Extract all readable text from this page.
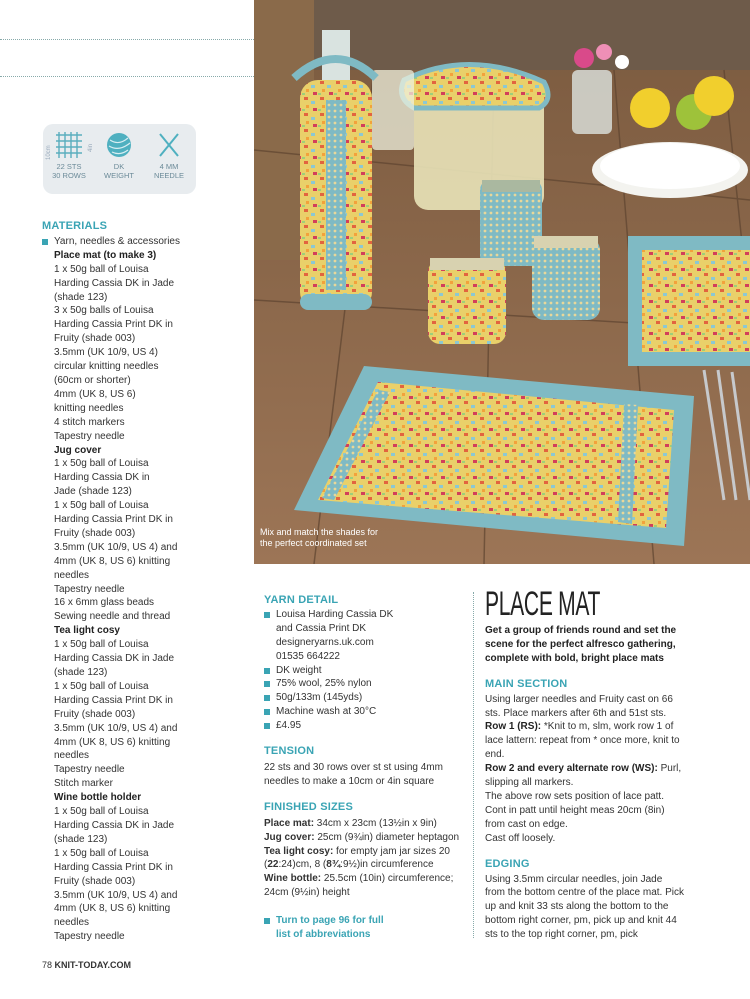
22 STS
30 ROWS
10cm	4in
DK
WEIGHT
4 MM
NEEDLE
MATERIALS
Yarn, needles & accessories
Place mat (to make 3)
1 x 50g ball of Louisa
Harding Cassia DK in Jade
(shade 123)
3 x 50g balls of Louisa
Harding Cassia Print DK in
Fruity (shade 003)
3.5mm (UK 10/9, US 4)
circular knitting needles
(60cm or shorter)
4mm (UK 8, US 6)
knitting needles
4 stitch markers
Tapestry needle
Jug cover
1 x 50g ball of Louisa
Harding Cassia DK in
Jade (shade 123)
1 x 50g ball of Louisa
Harding Cassia Print DK in
Fruity (shade 003)
3.5mm (UK 10/9, US 4) and
4mm (UK 8, US 6) knitting
needles
Tapestry needle
16 x 6mm glass beads
Sewing needle and thread
Tea light cosy
1 x 50g ball of Louisa
Harding Cassia DK in Jade
(shade 123)
1 x 50g ball of Louisa
Harding Cassia Print DK in
Fruity (shade 003)
3.5mm (UK 10/9, US 4) and
4mm (UK 8, US 6) knitting
needles
Tapestry needle
Stitch marker
Wine bottle holder
1 x 50g ball of Louisa
Harding Cassia DK in Jade
(shade 123)
1 x 50g ball of Louisa
Harding Cassia Print DK in
Fruity (shade 003)
3.5mm (UK 10/9, US 4) and
4mm (UK 8, US 6) knitting
needles
Tapestry needle
78 KNIT-TODAY.COM
Mix and match the shades for the perfect coordinated set
YARN DETAIL
Louisa Harding Cassia DK
and Cassia Print DK
designeryarns.uk.com
01535 664222
DK weight
75% wool, 25% nylon
50g/133m (145yds)
Machine wash at 30°C
£4.95
TENSION
22 sts and 30 rows over st st using 4mm needles to make a 10cm or 4in square
FINISHED SIZES
Place mat: 34cm x 23cm (13½in x 9in)
Jug cover: 25cm (9¾in) diameter heptagon
Tea light cosy: for empty jam jar sizes 20 (22:24)cm, 8 (8¾:9½)in circumference
Wine bottle: 25.5cm (10in) circumference; 24cm (9½in) height
Turn to page 96 for full
list of abbreviations
PLACE MAT
Get a group of friends round and set the scene for the perfect alfresco gathering, complete with bold, bright place mats
MAIN SECTION
Using larger needles and Fruity cast on 66 sts. Place markers after 6th and 51st sts.
Row 1 (RS): *Knit to m, slm, work row 1 of lace lattern: repeat from * once more, knit to end.
Row 2 and every alternate row (WS): Purl, slipping all markers.
The above row sets position of lace patt.
Cont in patt until height meas 20cm (8in) from cast on edge.
Cast off loosely.
EDGING
Using 3.5mm circular needles, join Jade from the bottom centre of the place mat. Pick up and knit 33 sts along the bottom to the bottom right corner, pm, pick up and knit 44 sts to the top right corner, pm, pick
